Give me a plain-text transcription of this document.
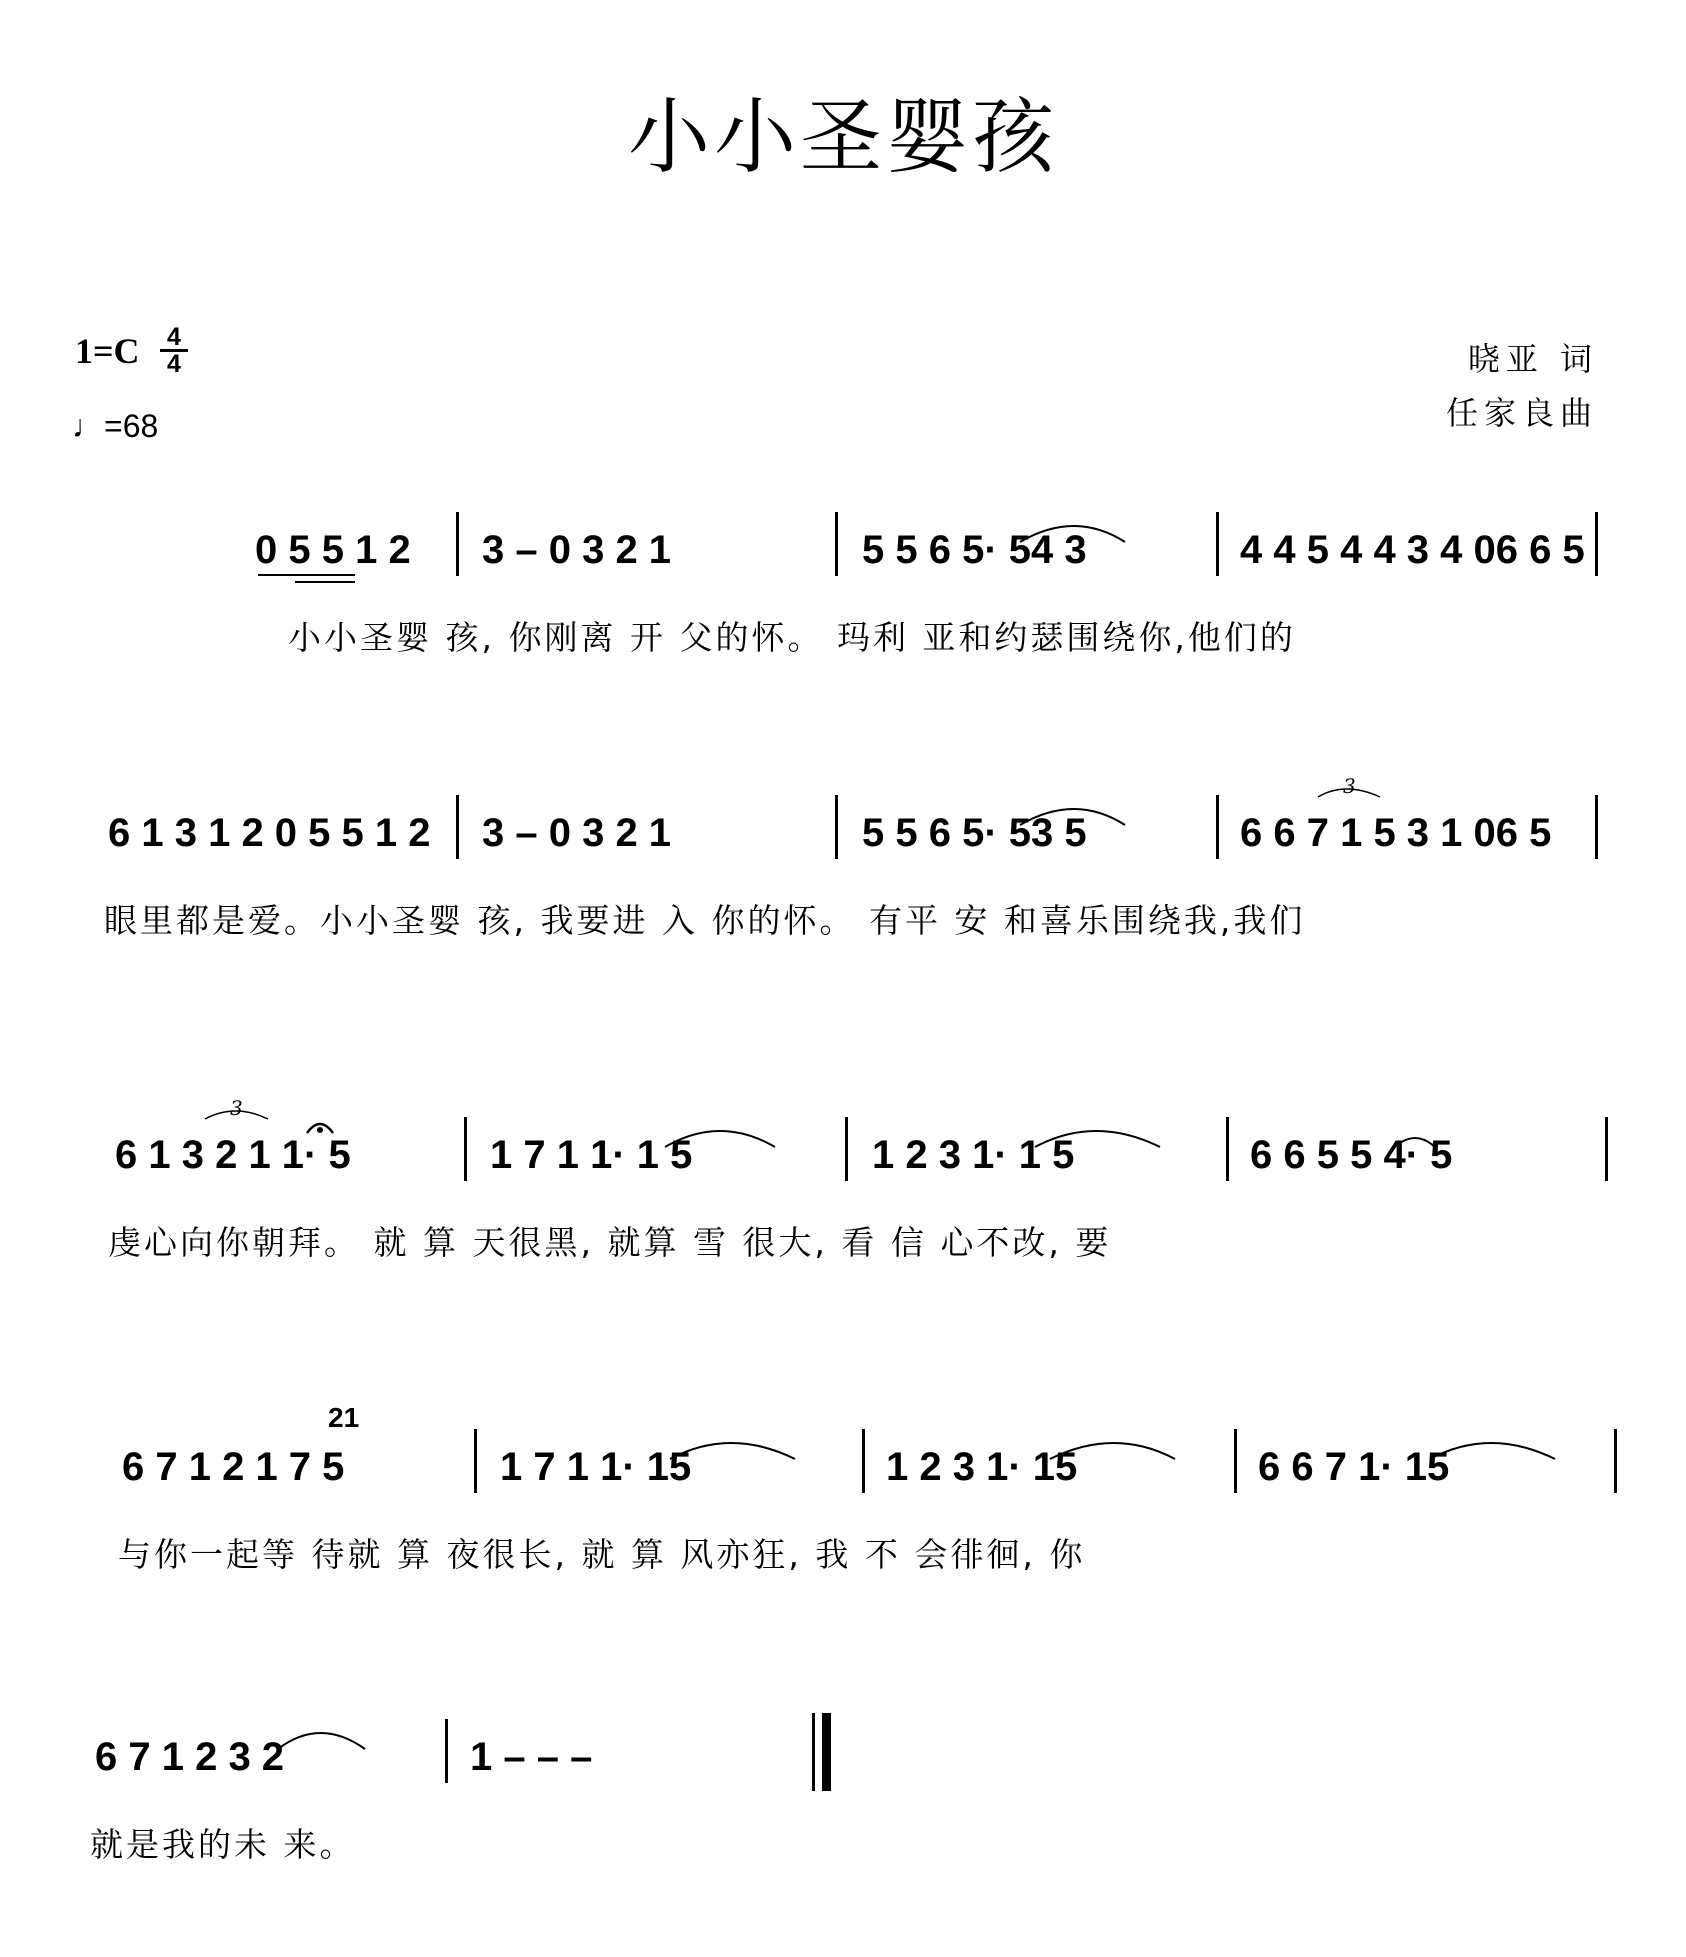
小小圣婴孩
1=C 4
4
♩=68
晓亚 词
任家良曲
0 5 5 1 2 3 – 0 3 2 1	5 5 6 5· 54 3	4 4 5 4 4 3 4 06 6 5
小小圣婴 孩, 你刚离 开 父的怀。 玛利 亚和约瑟围绕你,他们的
6 1 3 1 2 0 5 5 1 2 3 – 0 3 2 1	5 5 6 5· 53 5	6 6 7 1 5 3 1 06 5
3
眼里都是爱。小小圣婴 孩, 我要进 入 你的怀。 有平 安 和喜乐围绕我,我们
6 1 3 2 1 1· 5	1 7 1 1· 1 5	1 2 3 1· 1 5	6 6 5 5 4· 5
3
虔心向你朝拜。 就 算 天很黑, 就算 雪 很大, 看 信 心不改, 要
6 7 1 2 1 7 5	1 7 1 1· 15	1 2 3 1· 15	6 6 7 1· 15
21
与你一起等 待就 算 夜很长, 就 算 风亦狂, 我 不 会徘徊, 你
6 7 1 2 3 2	1 – – –
就是我的未 来。
